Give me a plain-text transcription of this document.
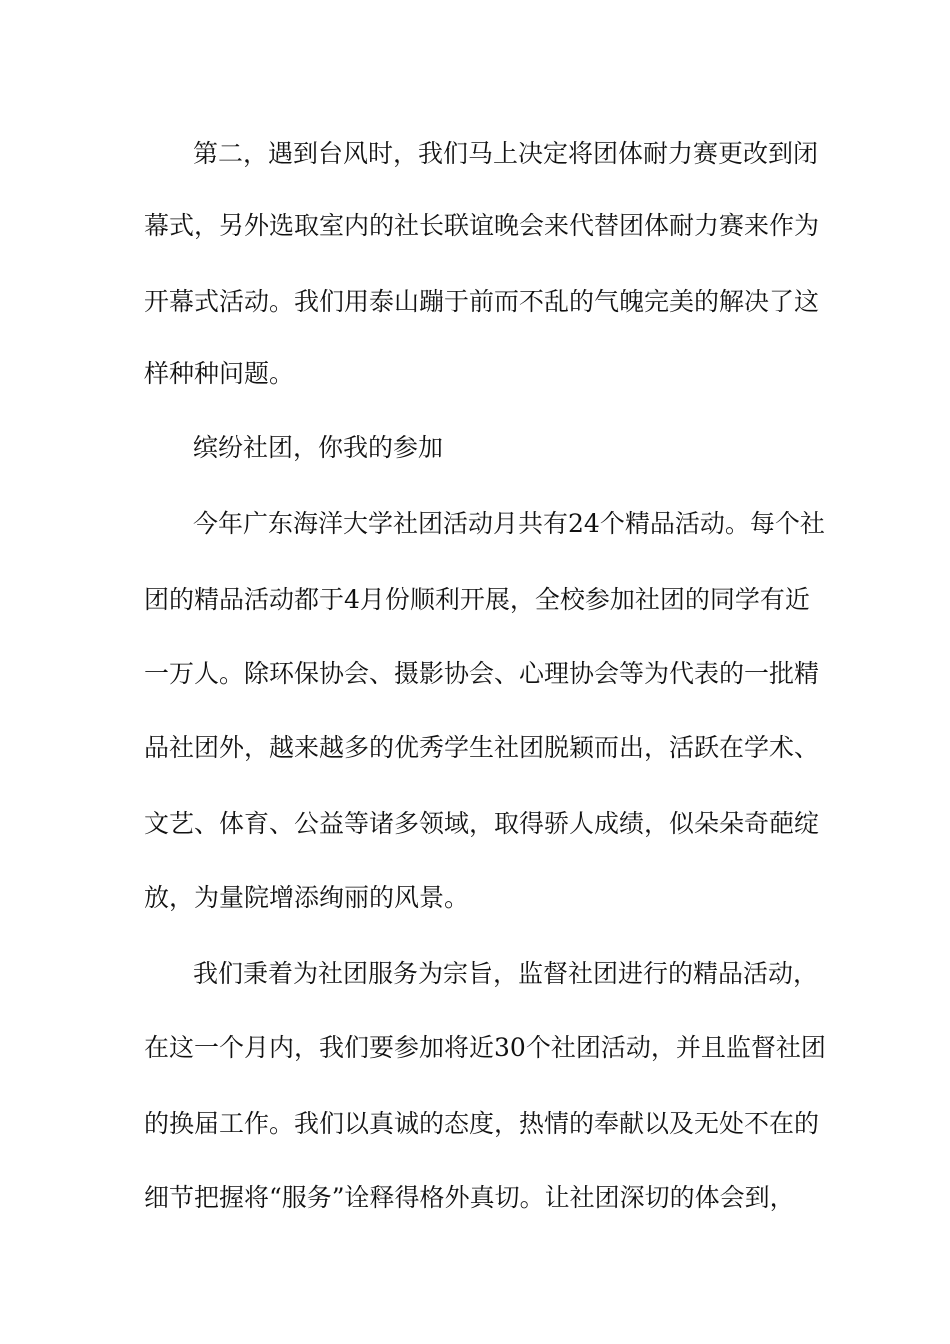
第二，遇到台风时，我们马上决定将团体耐力赛更改到闭
幕式，另外选取室内的社长联谊晚会来代替团体耐力赛来作为
开幕式活动。我们用泰山蹦于前而不乱的气魄完美的解决了这
样种种问题。
缤纷社团，你我的参加
今年广东海洋大学社团活动月共有24个精品活动。每个社
团的精品活动都于4月份顺利开展，全校参加社团的同学有近
一万人。除环保协会、摄影协会、心理协会等为代表的一批精
品社团外，越来越多的优秀学生社团脱颖而出，活跃在学术、
文艺、体育、公益等诸多领域，取得骄人成绩，似朵朵奇葩绽
放，为量院增添绚丽的风景。
我们秉着为社团服务为宗旨，监督社团进行的精品活动，
在这一个月内，我们要参加将近30个社团活动，并且监督社团
的换届工作。我们以真诚的态度，热情的奉献以及无处不在的
细节把握将“服务”诠释得格外真切。让社团深切的体会到，
